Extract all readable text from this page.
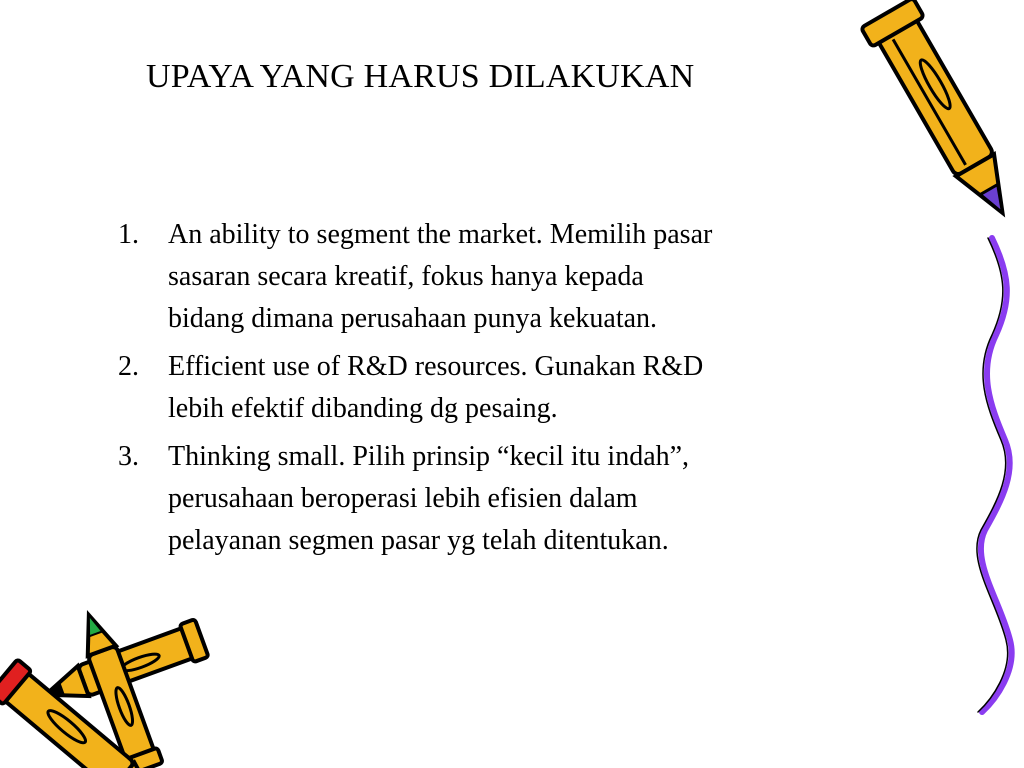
UPAYA YANG HARUS DILAKUKAN
1. An ability to segment the market. Memilih pasar
sasaran secara kreatif, fokus hanya kepada
bidang dimana perusahaan punya kekuatan.
2. Efficient use of R&D resources. Gunakan R&D
lebih efektif dibanding dg pesaing.
3. Thinking small. Pilih prinsip “kecil itu indah”,
perusahaan beroperasi lebih efisien dalam
pelayanan segmen pasar yg telah ditentukan.
